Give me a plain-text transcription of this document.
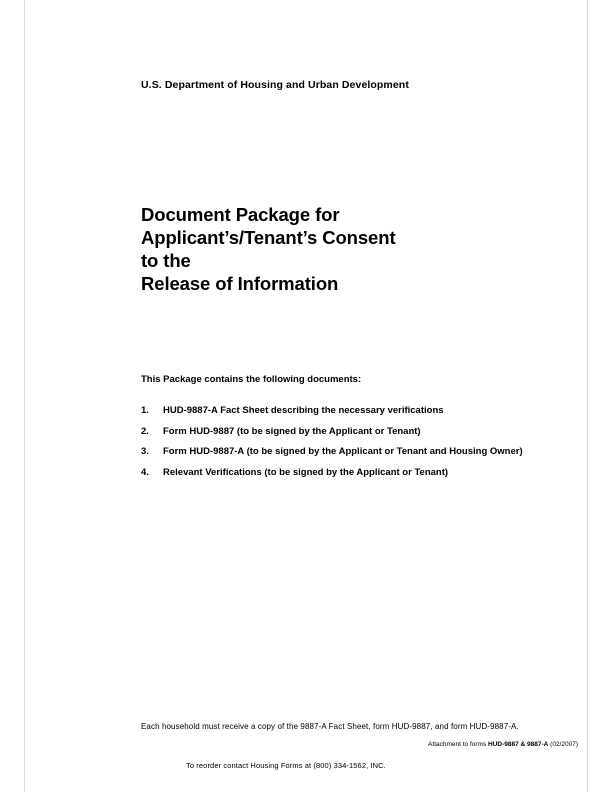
U.S. Department of Housing and Urban Development
Document Package for
Applicant’s/Tenant’s Consent
to the
Release of Information
This Package contains the following documents:
1. HUD-9887-A Fact Sheet describing the necessary verifications
2. Form HUD-9887 (to be signed by the Applicant or Tenant)
3. Form HUD-9887-A (to be signed by the Applicant or Tenant and Housing Owner)
4. Relevant Verifications (to be signed by the Applicant or Tenant)
Each household must receive a copy of the 9887-A Fact Sheet, form HUD-9887, and form HUD-9887-A.
Attachment to forms HUD-9887 & 9887-A (02/2007)
To reorder contact Housing Forms at (800) 334-1562, INC.
